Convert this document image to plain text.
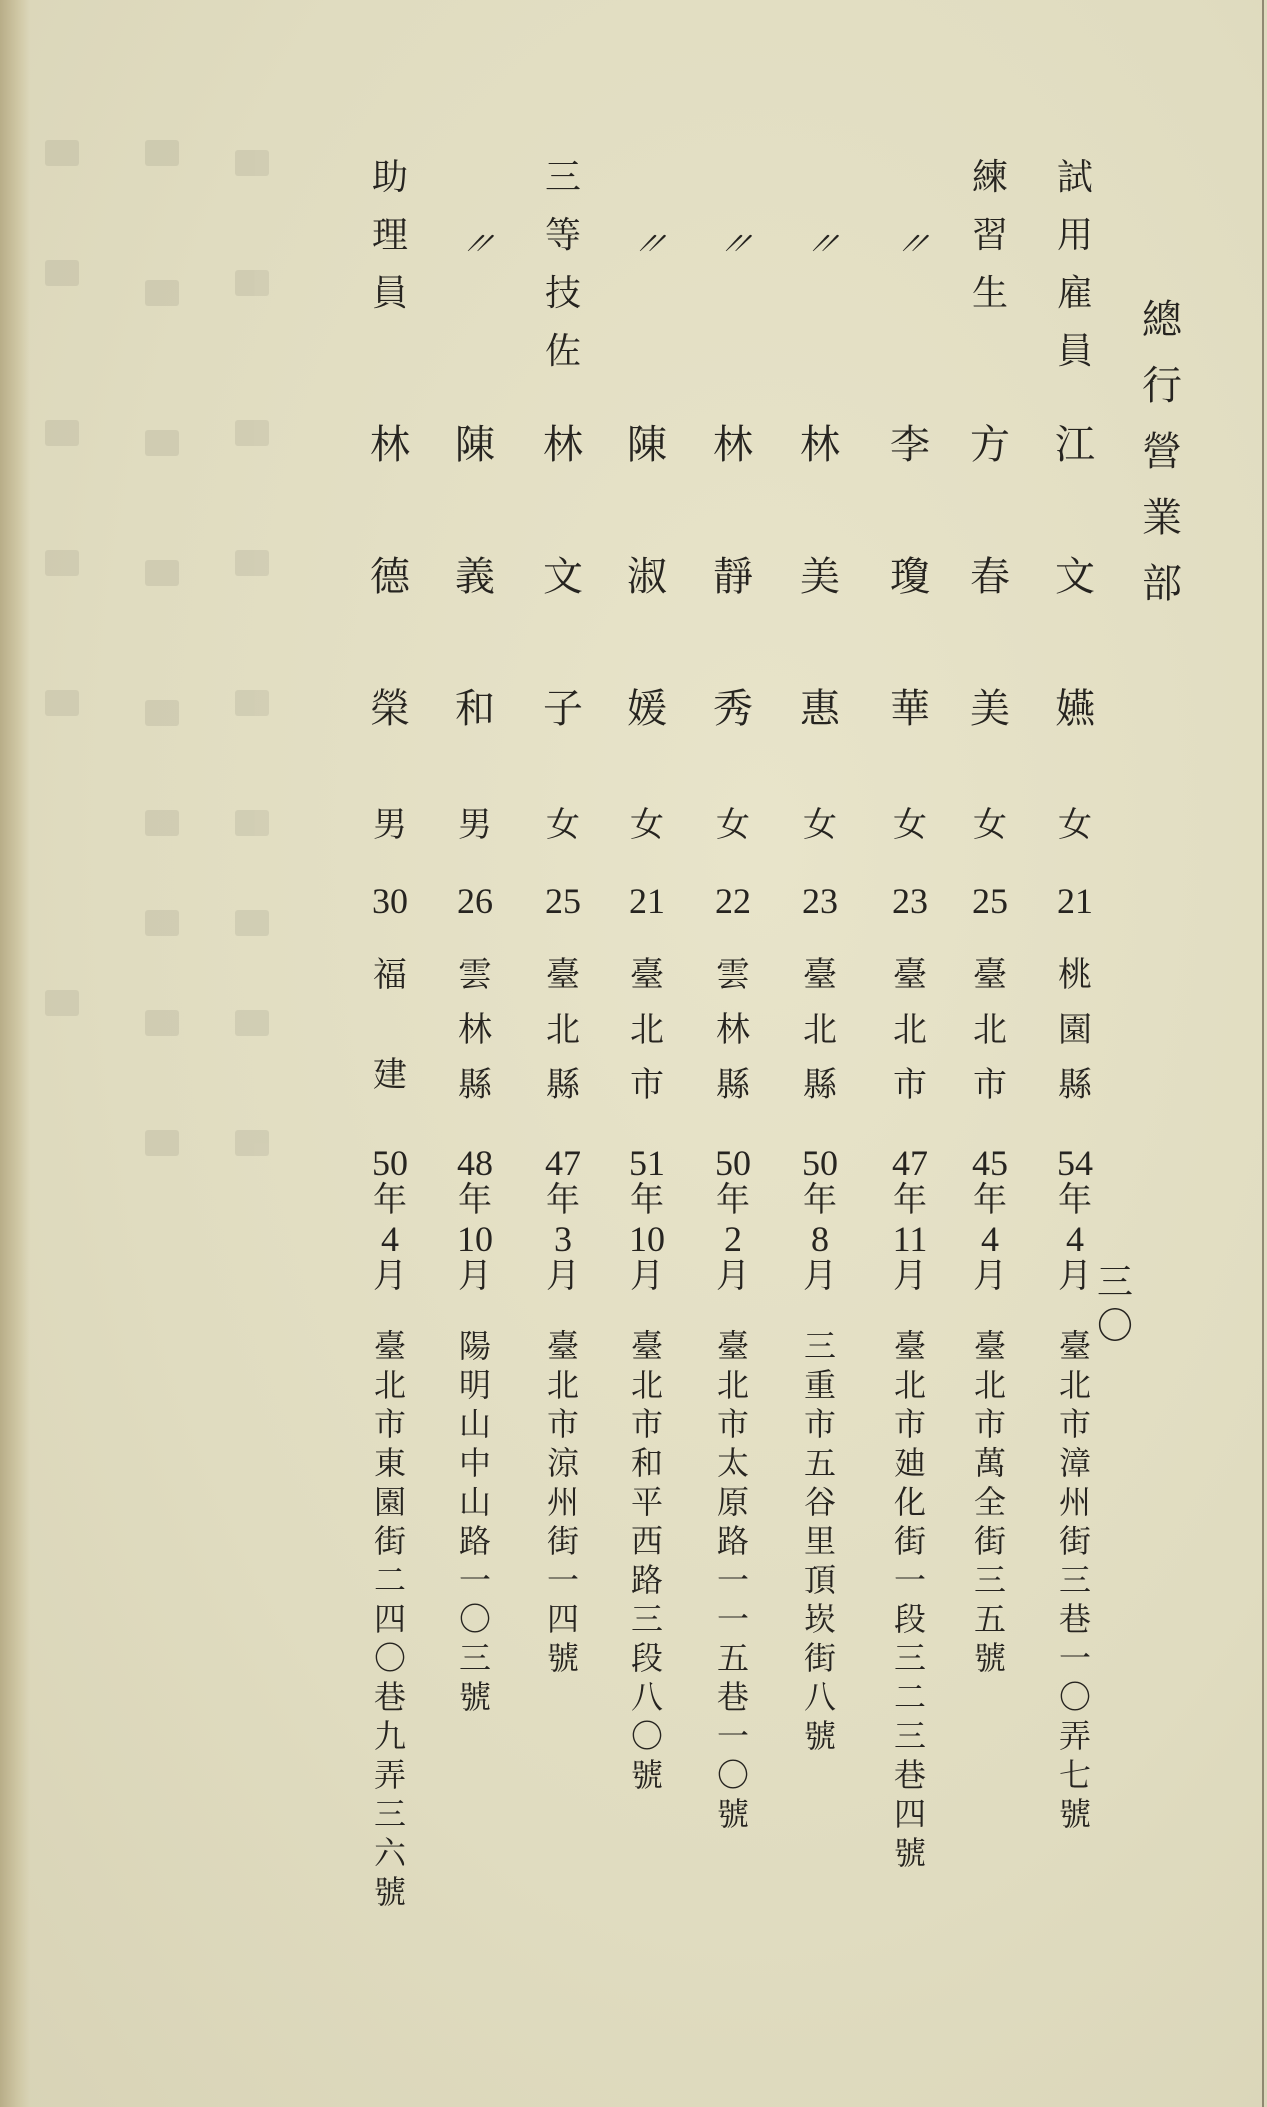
總
行
營
業
部
三
〇
試
用
雇
員
江
文
嬿
女
21
桃
園
縣
54
年
4
月
臺
北
市
漳
州
街
三
巷
一
〇
弄
七
號
練
習
生
方
春
美
女
25
臺
北
市
45
年
4
月
臺
北
市
萬
全
街
三
五
號
〃
李
瓊
華
女
23
臺
北
市
47
年
11
月
臺
北
市
廸
化
街
一
段
三
二
三
巷
四
號
〃
林
美
惠
女
23
臺
北
縣
50
年
8
月
三
重
市
五
谷
里
頂
崁
街
八
號
〃
林
靜
秀
女
22
雲
林
縣
50
年
2
月
臺
北
市
太
原
路
一
一
五
巷
一
〇
號
〃
陳
淑
媛
女
21
臺
北
市
51
年
10
月
臺
北
市
和
平
西
路
三
段
八
〇
號
三
等
技
佐
林
文
子
女
25
臺
北
縣
47
年
3
月
臺
北
市
涼
州
街
一
四
號
〃
陳
義
和
男
26
雲
林
縣
48
年
10
月
陽
明
山
中
山
路
一
〇
三
號
助
理
員
林
德
榮
男
30
福
建
50
年
4
月
臺
北
市
東
園
街
二
四
〇
巷
九
弄
三
六
號
